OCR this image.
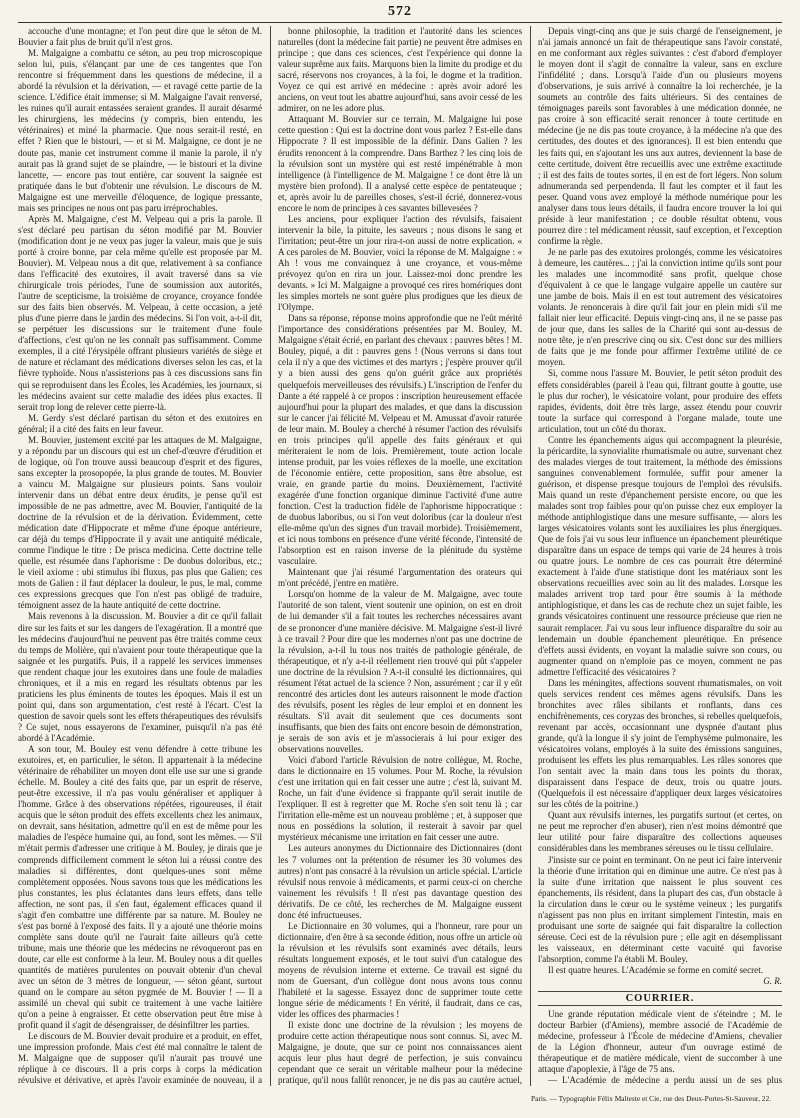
572

accouche d'une montagne; et l'on peut dire que le séton de M. Bouvier a fait plus de bruit qu'il n'est gros.

M. Malgaigne a combattu ce séton, au peu trop microscopique selon lui, puis, s'élançant par une de ces tangentes que l'on rencontre si fréquemment dans les questions de médecine, il a abordé la révulsion et la dérivation, — et ravagé cette partie de la science. L'édifice était immense; si M. Malgaigne l'avait renversé, les ruines qu'il aurait entassées seraient grandes. Il aurait désarmé les chirurgiens, les médecins (y compris, bien entendu, les vétérinaires) et miné la pharmacie. Que nous serait-il resté, en effet ? Rien que le bistouri, — et si M. Malgaigne, ce dont je ne doute pas, manie cet instrument comme il manie la parole, il n'y aurait pas là grand sujet de se plaindre, — le bistouri et la divine lancette, — encore pas tout entière, car souvent la saignée est pratiquée dans le but d'obtenir une révulsion. Le discours de M. Malgaigne est une merveille d'éloquence, de logique pressante, mais ses principes ne nous ont pas paru irréprochables.

Après M. Malgaigne, c'est M. Velpeau qui a pris la parole. Il s'est déclaré peu partisan du séton modifié par M. Bouvier (modification dont je ne veux pas juger la valeur, mais que je suis porté à croire bonne, par cela même qu'elle est proposée par M. Bouvier). M. Velpeau nous a dit que, relativement à sa confiance dans l'efficacité des exutoires, il avait traversé dans sa vie chirurgicale trois périodes, l'une de soumission aux autorités, l'autre de scepticisme, la troisième de croyance, croyance fondée sur des faits bien observés. M. Velpeau, à cette occasion, a jeté plus d'une pierre dans le jardin des médecins. Si l'on voit, a-t-il dit, se perpétuer les discussions sur le traitement d'une foule d'affections, c'est qu'on ne les connaît pas suffisamment. Comme exemples, il a cité l'érysipèle offrant plusieurs variétés de siège et de nature et réclamant des médications diverses selon les cas, et la fièvre typhoïde. Nous n'assisterions pas à ces discussions sans fin qui se reproduisent dans les Écoles, les Académies, les journaux, si les médecins avaient sur cette maladie des idées plus exactes. Il serait trop long de relever cette pierre-là.

M. Gerdy s'est déclaré partisan du séton et des exutoires en général; il a cité des faits en leur faveur.

M. Bouvier, justement excité par les attaques de M. Malgaigne, y a répondu par un discours qui est un chef-d'œuvre d'érudition et de logique, où l'on trouve aussi beaucoup d'esprit et des figures, sans excepter la prosopopée, la plus grande de toutes. M. Bouvier a vaincu M. Malgaigne sur plusieurs points. Sans vouloir intervenir dans un débat entre deux érudits, je pense qu'il est impossible de ne pas admettre, avec M. Bouvier, l'antiquité de la doctrine de la révulsion et de la dérivation. Évidemment, cette médication date d'Hippocrate et même d'une époque antérieure, car déjà du temps d'Hippocrate il y avait une antiquité médicale, comme l'indique le titre : De prisca medicina. Cette doctrine telle quelle, est résumée dans l'aphorisme : De duobus doloribus, etc.; le vieil axiome : ubi stimulus ibi fluxus, pas plus que Galien; ces mots de Galien : il faut déplacer la douleur, le pus, le mal, comme ces expressions grecques que l'on n'est pas obligé de traduire, témoignent assez de la haute antiquité de cette doctrine.

Mais revenons à la discussion. M. Bouvier a dit ce qu'il fallait dire sur les faits et sur les dangers de l'exagération. Il a montré que les médecins d'aujourd'hui ne peuvent pas être traités comme ceux du temps de Molière, qui n'avaient pour toute thérapeutique que la saignée et les purgatifs. Puis, il a rappelé les services immenses que rendent chaque jour les exutoires dans une foule de maladies chroniques, et il a mis en regard les résultats obtenus par les praticiens les plus éminents de toutes les époques. Mais il est un point qui, dans son argumentation, c'est resté à l'écart. C'est la question de savoir quels sont les effets thérapeutiques des révulsifs ? Ce sujet, nous essayerons de l'examiner, puisqu'il n'a pas été abordé à l'Académie.

A son tour, M. Bouley est venu défendre à cette tribune les exutoires, et, en particulier, le séton. Il appartenait à la médecine vétérinaire de réhabiliter un moyen dont elle use sur une si grande échelle. M. Bouley a cité des faits que, par un esprit de réserve, peut-être excessive, il n'a pas voulu généraliser et appliquer à l'homme. Grâce à des observations répétées, rigoureuses, il était acquis que le séton produit des effets excellents chez les animaux, on devrait, sans hésitation, admettre qu'il en est de même pour les maladies de l'espèce humaine qui, au fond, sont les mêmes. — S'il m'était permis d'adresser une critique à M. Bouley, je dirais que je comprends difficilement comment le séton lui a réussi contre des maladies si différentes, dont quelques-unes sont même complètement opposées. Nous savons tous que les médications les plus constantes, les plus éclatantes dans leurs effets, dans telle affection, ne sont pas, il s'en faut, également efficaces quand il s'agit d'en combattre une différente par sa nature. M. Bouley ne s'est pas borné à l'exposé des faits. Il y a ajouté une théorie moins complète sans doute qu'il ne l'aurait faite ailleurs qu'à cette tribune, mais une théorie que les médecins ne révoqueront pas en doute, car elle est conforme à la leur. M. Bouley nous a dit quelles quantités de matières purulentes on pouvait obtenir d'un cheval avec un séton de 3 mètres de longueur, — séton géant, surtout quand on le compare au séton pygmée de M. Bouvier ! — Il a assimilé un cheval qui subit ce traitement à une vache laitière qu'on a peine à engraisser. Et cette observation peut être mise à profit quand il s'agit de désengraisser, de désinfiltrer les parties.

Le discours de M. Bouvier devait produire et a produit, en effet, une impression profonde. Mais c'est été mal connaître le talent de M. Malgaigne que de supposer qu'il n'aurait pas trouvé une réplique à ce discours. Il a pris corps à corps la médication révulsive et dérivative, et après l'avoir examinée de nouveau, il a

bonne philosophie, la tradition et l'autorité dans les sciences naturelles (dont la médecine fait partie) ne peuvent être admises en principe ; que dans ces sciences, c'est l'expérience qui donne la valeur suprême aux faits. Marquons bien la limite du prodige et du sacré, réservons nos croyances, à la foi, le dogme et la tradition. Voyez ce qui est arrivé en médecine : après avoir adoré les anciens, on veut tout les abattre aujourd'hui, sans avoir cessé de les admirer, on ne les adore plus.

Attaquant M. Bouvier sur ce terrain, M. Malgaigne lui pose cette question : Qui est la doctrine dont vous parlez ? Est-elle dans Hippocrate ? Il est impossible de la définir. Dans Galien ? les érudits renoncent à la comprendre. Dans Barthez ? les cinq lois de la révulsion sont un mystère qui est resté impénétrable à mon intelligence (à l'intelligence de M. Malgaigne ! ce dont être là un mystère bien profond). Il a analysé cette espèce de pentateuque ; et, après avoir lu de pareilles choses, s'est-il écrié, donnerez-vous encore le nom de principes à ces savantes billevesées ?

Les anciens, pour expliquer l'action des révulsifs, faisaient intervenir la bile, la pituite, les saveurs ; nous disons le sang et l'irritation; peut-être un jour rira-t-on aussi de notre explication. « A ces paroles de M. Bouvier, voici la réponse de M. Malgaigne : « Ah ! vous me convainquez à une croyance, et vous-même prévoyez qu'on en rira un jour. Laissez-moi donc prendre les devants. » Ici M. Malgaigne a provoqué ces rires homériques dont les simples mortels ne sont guère plus prodigues que les dieux de l'Olympe.

Dans sa réponse, réponse moins approfondie que ne l'eût mérité l'importance des considérations présentées par M. Bouley, M. Malgaigne s'était écrié, en parlant des chevaux : pauvres bêtes ! M. Bouley, piqué, a dit : pauvres gens ! (Nous verrons si dans tout cela il n'y a que des victimes et des martyrs ; j'espère prouver qu'il y a bien aussi des gens qu'on guérit grâce aux propriétés quelquefois merveilleuses des révulsifs.) L'inscription de l'enfer du Dante a été rappelé à ce propos : inscription heureusement effacée aujourd'hui pour la plupart des malades, et que dans la discussion sur le cancer j'ai félicité M. Velpeau et M. Amussat d'avoir raturée de leur main. M. Bouley a cherché à résumer l'action des révulsifs en trois principes qu'il appelle des faits généraux et qui mériteraient le nom de lois. Premièrement, toute action locale intense produit, par les voies réflexes de la moelle, une excitation de l'économie entière, cette proposition, sans être absolue, est vraie, en grande partie du moins. Deuxièmement, l'activité exagérée d'une fonction organique diminue l'activité d'une autre fonction. C'est la traduction fidèle de l'aphorisme hippocratique : de duobus laboribus, ou si l'on veut doloribus (car la douleur n'est elle-même qu'un des signes d'un travail morbide). Troisièmement, et ici nous tombons en présence d'une vérité féconde, l'intensité de l'absorption est en raison inverse de la plénitude du système vasculaire.

Maintenant que j'ai résumé l'argumentation des orateurs qui m'ont précédé, j'entre en matière.

Lorsqu'on homme de la valeur de M. Malgaigne, avec toute l'autorité de son talent, vient soutenir une opinion, on est en droit de lui demander s'il a fait toutes les recherches nécessaires avant de se prononcer d'une manière décisive. M. Malgaigne s'est-il livré à ce travail ? Pour dire que les modernes n'ont pas une doctrine de la révulsion, a-t-il lu tous nos traités de pathologie générale, de thérapeutique, et n'y a-t-il réellement rien trouvé qui pût s'appeler une doctrine de la révulsion ? A-t-il consulté les dictionnaires, qui résument l'état actuel de la science ? Non, assurément ; car il y eût rencontré des articles dont les auteurs raisonnent le mode d'action des révulsifs, posent les règles de leur emploi et en donnent les résultats. S'il avait dit seulement que ces documents sont insuffisants, que bien des faits ont encore besoin de démonstration, je serais de son avis et je m'associerais à lui pour exiger des observations nouvelles.

Voici d'abord l'article Révulsion de notre collègue, M. Roche, dans le dictionnaire en 15 volumes. Pour M. Roche, la révulsion c'est une irritation qui en fait cesser une autre ; c'est là, suivant M. Roche, un fait d'une évidence si frappante qu'il serait inutile de l'expliquer. Il est à regretter que M. Roche s'en soit tenu là ; car l'irritation elle-même est un nouveau problème ; et, à supposer que nous en possédions la solution, il resterait à savoir par quel mystérieux mécanisme une irritation en fait cesser une autre.

Les auteurs anonymes du Dictionnaire des Dictionnaires (dont les 7 volumes ont la prétention de résumer les 30 volumes des autres) n'ont pas consacré à la révulsion un article spécial. L'article révulsif nous renvoie à médicaments, et parmi ceux-ci on cherche vainement les révulsifs ! Il n'est pas davantage question des dérivatifs. De ce côté, les recherches de M. Malgaigne eussent donc été infructueuses.

Le Dictionnaire en 30 volumes, qui a l'honneur, rare pour un dictionnaire, d'en être à sa seconde édition, nous offre un article où la révulsion et les révulsifs sont examinés avec détails, leurs résultats longuement exposés, et le tout suivi d'un catalogue des moyens de révulsion interne et externe. Ce travail est signé du nom de Guersant, d'un collègue dont nous avons tous connu l'habileté et la sagesse. Essayez donc de supprimer toute cette longue série de médicaments ! En vérité, il faudrait, dans ce cas, vider les offices des pharmacies !

Il existe donc une doctrine de la révulsion ; les moyens de produire cette action thérapeutique nous sont connus. Si, avec M. Malgaigne, je doute, que sur ce point nos connaissances aient acquis leur plus haut degré de perfection, je suis convaincu cependant que ce serait un véritable malheur pour la médecine pratique, qu'il nous fallût renoncer, je ne dis pas au cautère actuel,

Depuis vingt-cinq ans que je suis chargé de l'enseignement, je n'ai jamais annoncé un fait de thérapeutique sans l'avoir constaté, en me conformant aux règles suivantes : c'est d'abord d'employer le moyen dont il s'agit de connaître la valeur, sans en exclure l'infidélité ; dans. Lorsqu'à l'aide d'un ou plusieurs moyens d'observations, je suis arrivé à connaître la loi recherchée, je la soumets au contrôle des faits ultérieurs. Si des centaines de témoignages pareils sont favorables à une médication donnée, ne pas croire à son efficacité serait renoncer à toute certitude en médecine (je ne dis pas toute croyance, à la médecine n'a que des certitudes, des doutes et des ignorances). Il est bien entendu que les faits qui, en s'ajoutant les uns aux autres, deviennent la base de cette certitude, doivent être recueillis avec une extrême exactitude ; il est des faits de toutes sortes, il en est de fort légers. Non solum adnumeranda sed perpendenda. Il faut les compter et il faut les peser. Quand vous avez employé la méthode numérique pour les analyser dans tous leurs détails, il faudra encore trouver la loi qui préside à leur manifestation ; ce double résultat obtenu, vous pourrez dire : tel médicament réussit, sauf exception, et l'exception confirme la règle.

Je ne parle pas des exutoires prolongés, comme les vésicatoires à demeure, les cautères... ; j'ai la conviction intime qu'ils sont pour les malades une incommodité sans profit, quelque chose d'équivalent à ce que le langage vulgaire appelle un cautère sur une jambe de bois. Mais il en est tout autrement des vésicatoires volants. Je renoncerais à dire qu'il fait jour en plein midi s'il me fallait nier leur efficacité. Depuis vingt-cinq ans, il ne se passe pas de jour que, dans les salles de la Charité qui sont au-dessus de notre tête, je n'en prescrive cinq ou six. C'est donc sur des milliers de faits que je me fonde pour affirmer l'extrême utilité de ce moyen.

Si, comme nous l'assure M. Bouvier, le petit séton produit des effets considérables (pareil à l'eau qui, filtrant goutte à goutte, use le plus dur rocher), le vésicatoire volant, pour produire des effets rapides, évidents, doit être très large, assez étendu pour couvrir toute la surface qui correspond à l'organe malade, toute une articulation, tout un côté du thorax.

Contre les épanchements aigus qui accompagnent la pleurésie, la péricardite, la synovialite rhumatismale ou autre, survenant chez des malades vierges de tout traitement, la méthode des émissions sanguines convenablement formulée, suffit pour amener la guérison, et dispense presque toujours de l'emploi des révulsifs. Mais quand un reste d'épanchement persiste encore, ou que les malades sont trop faibles pour qu'on puisse chez eux employer la méthode antiphlogistique dans une mesure suffisante, — alors les larges vésicatoires volants sont les auxiliaires les plus énergiques. Que de fois j'ai vu sous leur influence un épanchement pleurétique disparaître dans un espace de temps qui varie de 24 heures à trois ou quatre jours. Le nombre de ces cas pourrait être déterminé exactement à l'aide d'une statistique dont les matériaux sont les observations recueillies avec soin au lit des malades. Lorsque les malades arrivent trop tard pour être soumis à la méthode antiphlogistique, et dans les cas de rechute chez un sujet faible, les grands vésicatoires continuent une ressource précieuse que rien ne saurait remplacer. J'ai vu sous leur influence disparaître du soir au lendemain un double épanchement pleurétique. En présence d'effets aussi évidents, en voyant la maladie suivre son cours, ou augmenter quand on n'emploie pas ce moyen, comment ne pas admettre l'efficacité des vésicatoires ?

Dans les méningites, affections souvent rhumatismales, on voit quels services rendent ces mêmes agens révulsifs. Dans les bronchites avec râles sibilants et ronflants, dans ces enchifrènements, ces coryzas des bronches, si rebelles quelquefois, revenant par accès, occasionnant une dyspnée d'autant plus grande, qu'à la longue il s'y joint de l'emphysème pulmonaire, les vésicatoires volans, employés à la suite des émissions sanguines, produisent les effets les plus remarquables. Les râles sonores que l'on sentait avec la main dans tous les points du thorax, disparaissent dans l'espace de deux, trois ou quatre jours. (Quelquefois il est nécessaire d'appliquer deux larges vésicatoires sur les côtés de la poitrine.)

Quant aux révulsifs internes, les purgatifs surtout (et certes, on ne peut me reprocher d'en abuser), rien n'est moins démontré que leur utilité pour faire disparaître des collections aqueuses considérables dans les membranes séreuses ou le tissu cellulaire.

J'insiste sur ce point en terminant. On ne peut ici faire intervenir la théorie d'une irritation qui en diminue une autre. Ce n'est pas à la suite d'une irritation que naissent le plus souvent ces épanchements, ils résident, dans la plupart des cas, d'un obstacle à la circulation dans le cœur ou le système veineux ; les purgatifs n'agissent pas non plus en irritant simplement l'intestin, mais en produisant une sorte de saignée qui fait disparaître la collection séreuse. Ceci est de la révulsion pure ; elle agit en désemplissant les vaisseaux, en déterminant cette vacuité qui favorise l'absorption, comme l'a établi M. Bouley.

Il est quatre heures. L'Académie se forme en comité secret.

G. R.
COURRIER.

Une grande réputation médicale vient de s'éteindre ; M. le docteur Barbier (d'Amiens), membre associé de l'Académie de médecine, professeur à l'École de médecine d'Amiens, chevalier de la Légion d'honneur, auteur d'un ouvrage estimé de thérapeutique et de matière médicale, vient de succomber à une attaque d'apoplexie, à l'âge de 75 ans.

— L'Académie de médecine a perdu aussi un de ses plus

Paris. — Typographie Félix Malteste et Cie, rue des Deux-Portes-St-Sauveur, 22.
